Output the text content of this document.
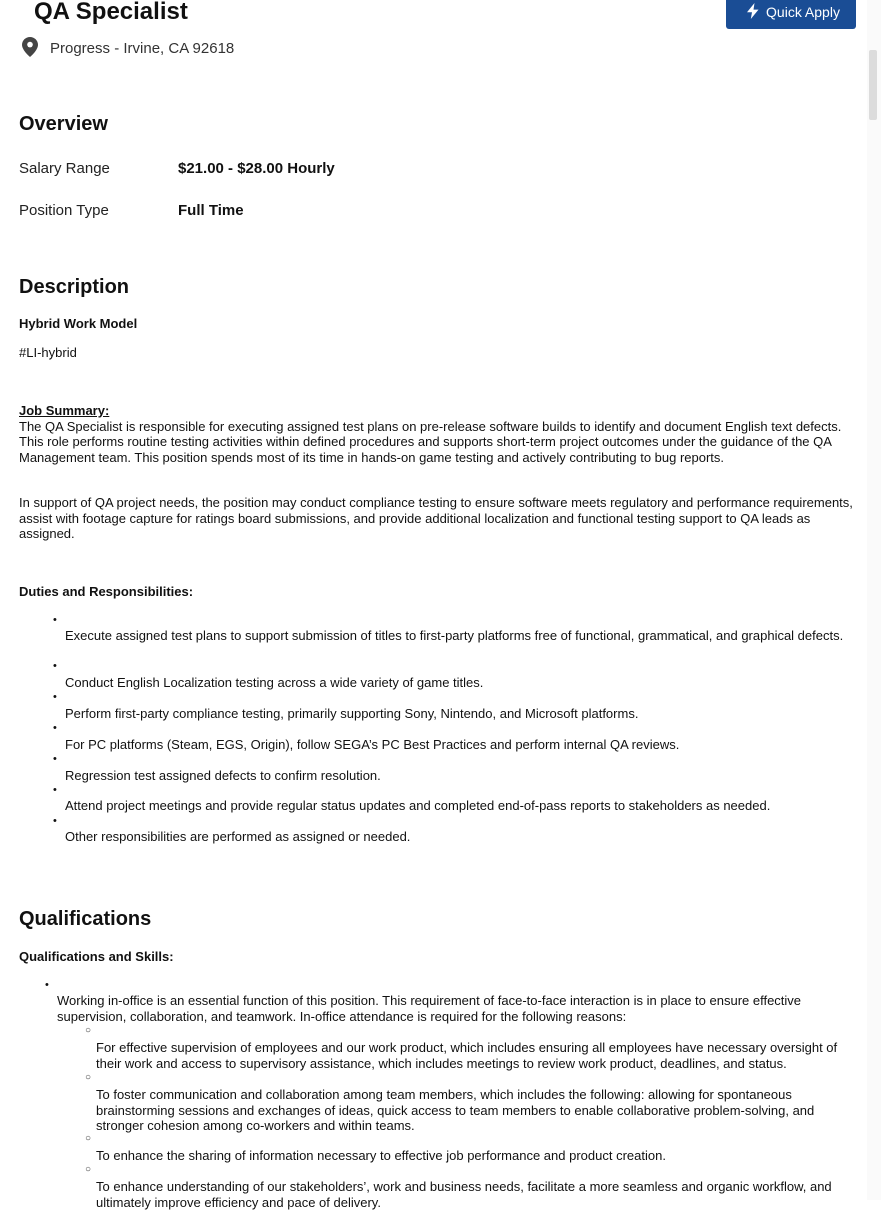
QA Specialist
Progress - Irvine, CA 92618
Quick Apply
Overview
Salary Range	$21.00 - $28.00 Hourly
Position Type	Full Time
Description
Hybrid Work Model
#LI-hybrid
Job Summary:
The QA Specialist is responsible for executing assigned test plans on pre-release software builds to identify and document English text defects. This role performs routine testing activities within defined procedures and supports short-term project outcomes under the guidance of the QA Management team. This position spends most of its time in hands-on game testing and actively contributing to bug reports.

In support of QA project needs, the position may conduct compliance testing to ensure software meets regulatory and performance requirements, assist with footage capture for ratings board submissions, and provide additional localization and functional testing support to QA leads as assigned.

Duties and Responsibilities:
•
Execute assigned test plans to support submission of titles to first-party platforms free of functional, grammatical, and graphical defects.
•
Conduct English Localization testing across a wide variety of game titles.
•
Perform first-party compliance testing, primarily supporting Sony, Nintendo, and Microsoft platforms.
•
For PC platforms (Steam, EGS, Origin), follow SEGA’s PC Best Practices and perform internal QA reviews.
•
Regression test assigned defects to confirm resolution.
•
Attend project meetings and provide regular status updates and completed end-of-pass reports to stakeholders as needed.
•
Other responsibilities are performed as assigned or needed.
Qualifications
Qualifications and Skills:
•
Working in-office is an essential function of this position. This requirement of face-to-face interaction is in place to ensure effective supervision, collaboration, and teamwork. In-office attendance is required for the following reasons:
○
For effective supervision of employees and our work product, which includes ensuring all employees have necessary oversight of their work and access to supervisory assistance, which includes meetings to review work product, deadlines, and status.
○
To foster communication and collaboration among team members, which includes the following: allowing for spontaneous brainstorming sessions and exchanges of ideas, quick access to team members to enable collaborative problem-solving, and stronger cohesion among co-workers and within teams.
○
To enhance the sharing of information necessary to effective job performance and product creation.
○
To enhance understanding of our stakeholders’, work and business needs, facilitate a more seamless and organic workflow, and ultimately improve efficiency and pace of delivery.
